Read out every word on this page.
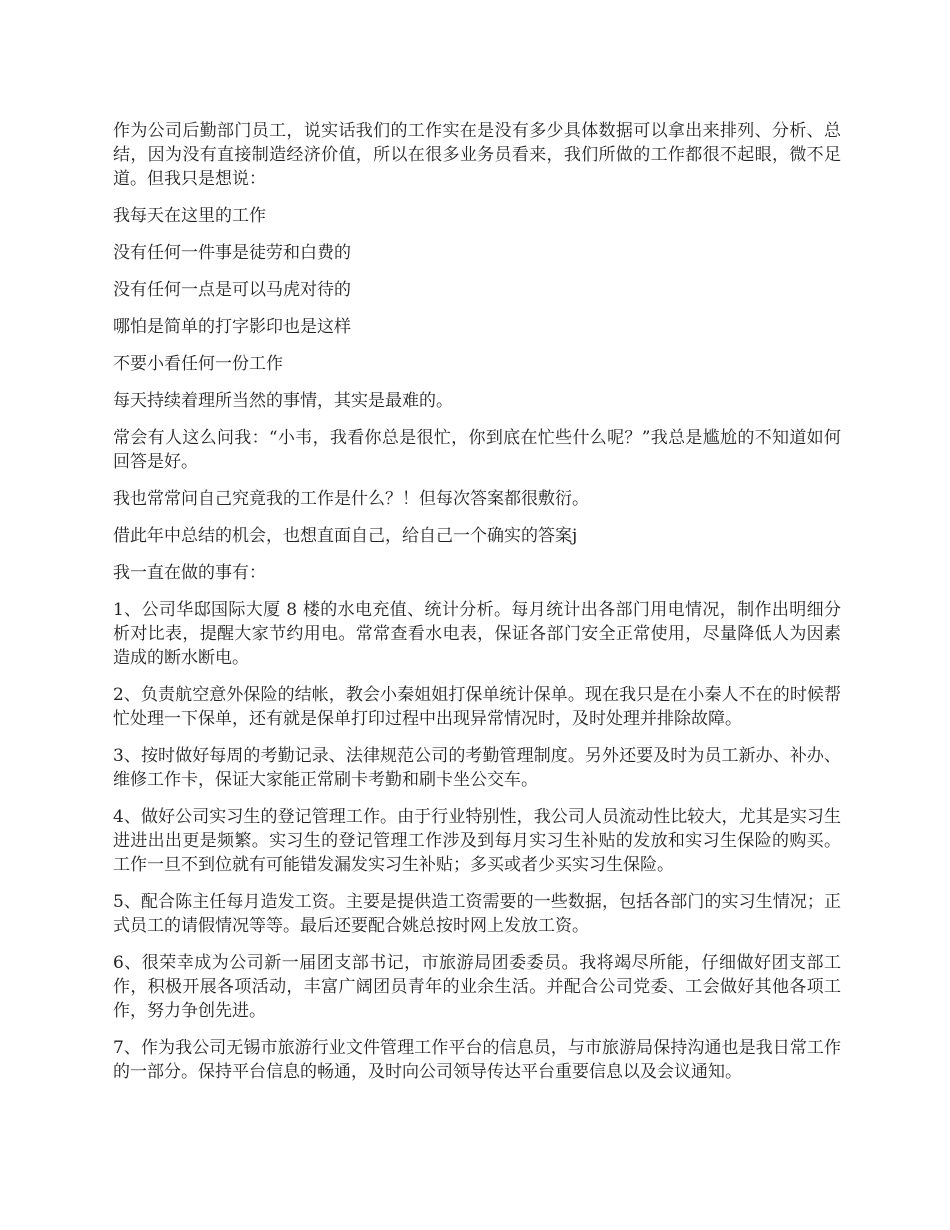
作为公司后勤部门员工，说实话我们的工作实在是没有多少具体数据可以拿出来排列、分析、总结，因为没有直接制造经济价值，所以在很多业务员看来，我们所做的工作都很不起眼，微不足道。但我只是想说：

我每天在这里的工作

没有任何一件事是徒劳和白费的

没有任何一点是可以马虎对待的

哪怕是简单的打字影印也是这样

不要小看任何一份工作

每天持续着理所当然的事情，其实是最难的。

常会有人这么问我：“小韦，我看你总是很忙，你到底在忙些什么呢？”我总是尴尬的不知道如何回答是好。

我也常常问自己究竟我的工作是什么？！但每次答案都很敷衍。

借此年中总结的机会，也想直面自己，给自己一个确实的答案j

我一直在做的事有：

1、公司华邸国际大厦 8 楼的水电充值、统计分析。每月统计出各部门用电情况，制作出明细分析对比表，提醒大家节约用电。常常查看水电表，保证各部门安全正常使用，尽量降低人为因素造成的断水断电。

2、负责航空意外保险的结帐，教会小秦姐姐打保单统计保单。现在我只是在小秦人不在的时候帮忙处理一下保单，还有就是保单打印过程中出现异常情况时，及时处理并排除故障。

3、按时做好每周的考勤记录、法律规范公司的考勤管理制度。另外还要及时为员工新办、补办、维修工作卡，保证大家能正常刷卡考勤和刷卡坐公交车。

4、做好公司实习生的登记管理工作。由于行业特别性，我公司人员流动性比较大，尤其是实习生进进出出更是频繁。实习生的登记管理工作涉及到每月实习生补贴的发放和实习生保险的购买。工作一旦不到位就有可能错发漏发实习生补贴；多买或者少买实习生保险。

5、配合陈主任每月造发工资。主要是提供造工资需要的一些数据，包括各部门的实习生情况；正式员工的请假情况等等。最后还要配合姚总按时网上发放工资。

6、很荣幸成为公司新一届团支部书记，市旅游局团委委员。我将竭尽所能，仔细做好团支部工作，积极开展各项活动，丰富广阔团员青年的业余生活。并配合公司党委、工会做好其他各项工作，努力争创先进。

7、作为我公司无锡市旅游行业文件管理工作平台的信息员，与市旅游局保持沟通也是我日常工作的一部分。保持平台信息的畅通，及时向公司领导传达平台重要信息以及会议通知。
